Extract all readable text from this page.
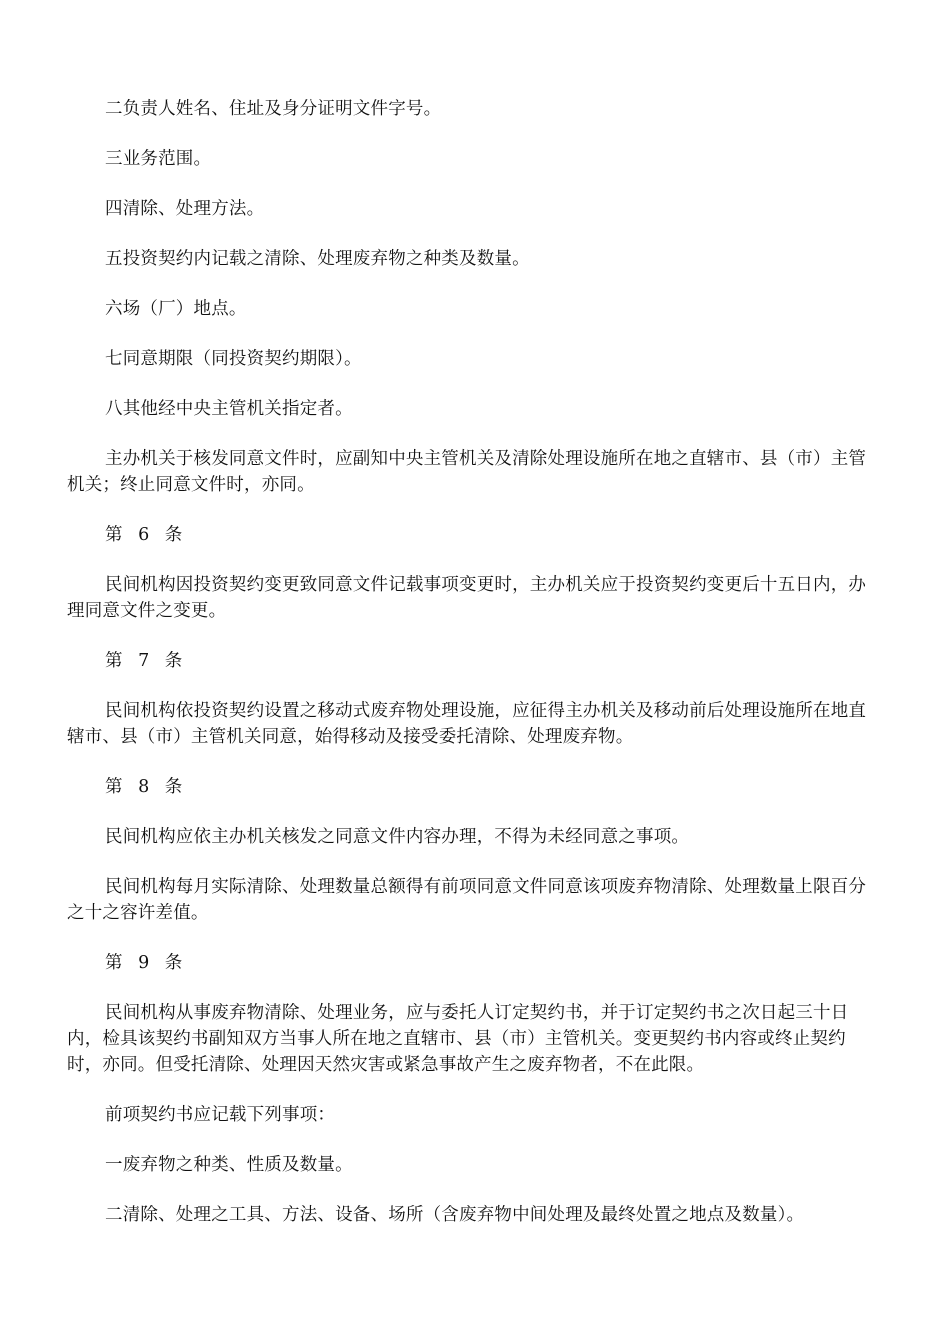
二负责人姓名、住址及身分证明文件字号。

三业务范围。

四清除、处理方法。

五投资契约内记载之清除、处理废弃物之种类及数量。

六场（厂）地点。

七同意期限（同投资契约期限）。

八其他经中央主管机关指定者。

主办机关于核发同意文件时，应副知中央主管机关及清除处理设施所在地之直辖市、县（市）主管机关；终止同意文件时，亦同。

第 6 条

民间机构因投资契约变更致同意文件记载事项变更时，主办机关应于投资契约变更后十五日内，办理同意文件之变更。

第 7 条

民间机构依投资契约设置之移动式废弃物处理设施，应征得主办机关及移动前后处理设施所在地直辖市、县（市）主管机关同意，始得移动及接受委托清除、处理废弃物。

第 8 条

民间机构应依主办机关核发之同意文件内容办理，不得为未经同意之事项。

民间机构每月实际清除、处理数量总额得有前项同意文件同意该项废弃物清除、处理数量上限百分之十之容许差值。

第 9 条

民间机构从事废弃物清除、处理业务，应与委托人订定契约书，并于订定契约书之次日起三十日内，检具该契约书副知双方当事人所在地之直辖市、县（市）主管机关。变更契约书内容或终止契约时，亦同。但受托清除、处理因天然灾害或紧急事故产生之废弃物者，不在此限。

前项契约书应记载下列事项：

一废弃物之种类、性质及数量。

二清除、处理之工具、方法、设备、场所（含废弃物中间处理及最终处置之地点及数量）。
